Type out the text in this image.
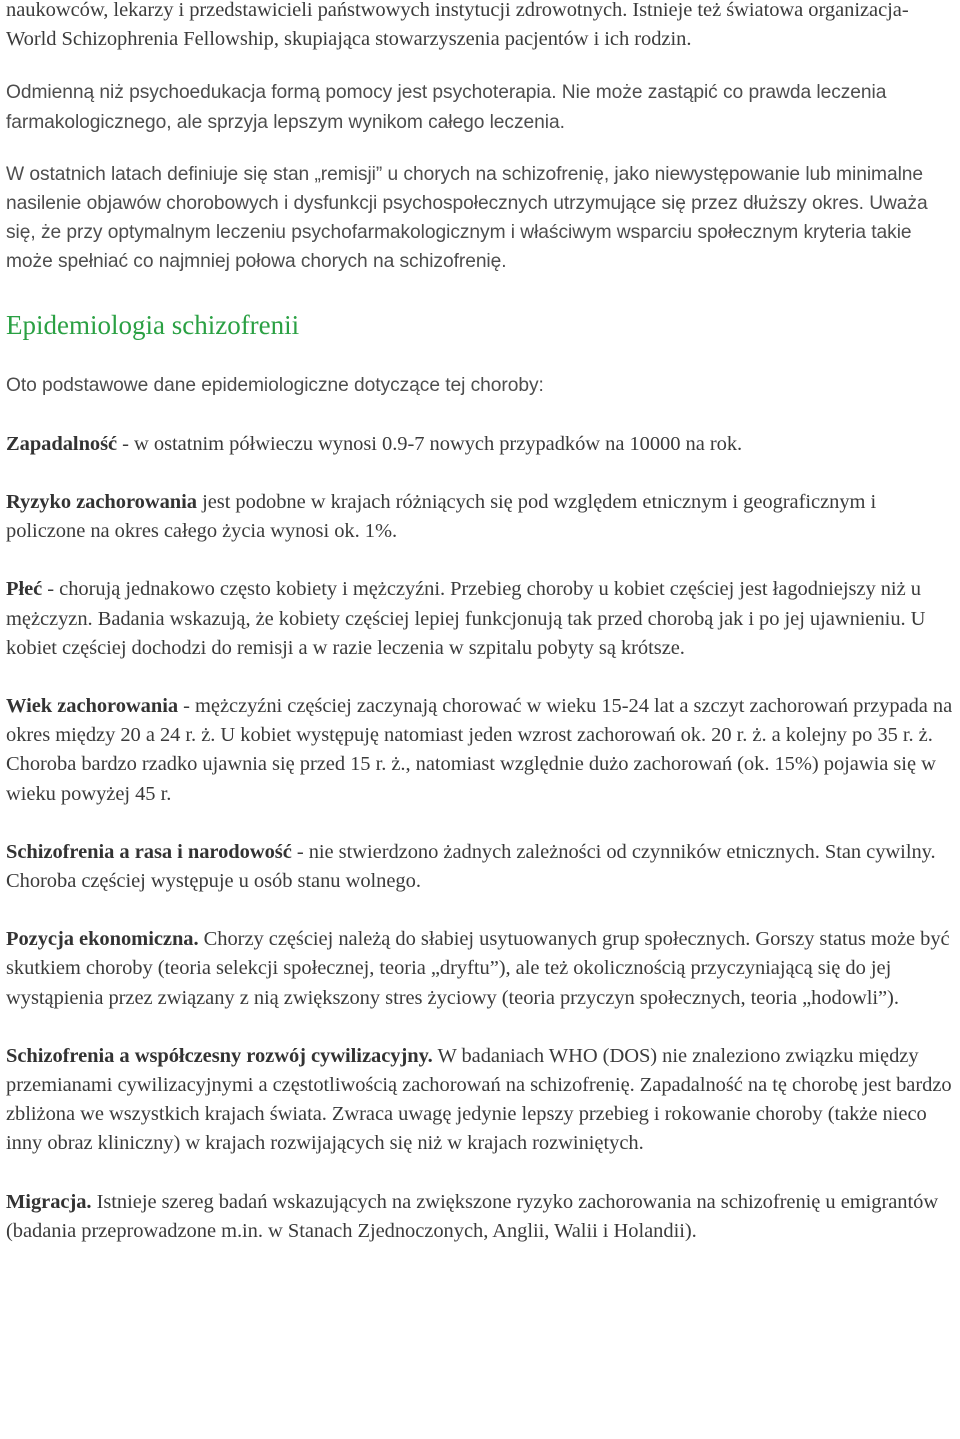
naukowców, lekarzy i przedstawicieli państwowych instytucji zdrowotnych. Istnieje też światowa organizacja- World Schizophrenia Fellowship, skupiająca stowarzyszenia pacjentów i ich rodzin.

Odmienną niż psychoedukacja formą pomocy jest psychoterapia. Nie może zastąpić co prawda leczenia farmakologicznego, ale sprzyja lepszym wynikom całego leczenia.

W ostatnich latach definiuje się stan „remisji” u chorych na schizofrenię, jako niewystępowanie lub minimalne nasilenie objawów chorobowych i dysfunkcji psychospołecznych utrzymujące się przez dłuższy okres. Uważa się, że przy optymalnym leczeniu psychofarmakologicznym i właściwym wsparciu społecznym kryteria takie może spełniać co najmniej połowa chorych na schizofrenię.

Epidemiologia schizofrenii

Oto podstawowe dane epidemiologiczne dotyczące tej choroby:

Zapadalność - w ostatnim półwieczu wynosi 0.9-7 nowych przypadków na 10000 na rok.

Ryzyko zachorowania jest podobne w krajach różniących się pod względem etnicznym i geograficznym i policzone na okres całego życia wynosi ok. 1%.

Płeć - chorują jednakowo często kobiety i mężczyźni. Przebieg choroby u kobiet częściej jest łagodniejszy niż u mężczyzn. Badania wskazują, że kobiety częściej lepiej funkcjonują tak przed chorobą jak i po jej ujawnieniu. U kobiet częściej dochodzi do remisji a w razie leczenia w szpitalu pobyty są krótsze.

Wiek zachorowania - mężczyźni częściej zaczynają chorować w wieku 15-24 lat a szczyt zachorowań przypada na okres między 20 a 24 r. ż. U kobiet występuję natomiast jeden wzrost zachorowań ok. 20 r. ż. a kolejny po 35 r. ż. Choroba bardzo rzadko ujawnia się przed 15 r. ż., natomiast względnie dużo zachorowań (ok. 15%) pojawia się w wieku powyżej 45 r.

Schizofrenia a rasa i narodowość - nie stwierdzono żadnych zależności od czynników etnicznych. Stan cywilny. Choroba częściej występuje u osób stanu wolnego.

Pozycja ekonomiczna. Chorzy częściej należą do słabiej usytuowanych grup społecznych. Gorszy status może być skutkiem choroby (teoria selekcji społecznej, teoria „dryftu”), ale też okolicznością przyczyniającą się do jej wystąpienia przez związany z nią zwiększony stres życiowy (teoria przyczyn społecznych, teoria „hodowli”).

Schizofrenia a współczesny rozwój cywilizacyjny. W badaniach WHO (DOS) nie znaleziono związku między przemianami cywilizacyjnymi a częstotliwością zachorowań na schizofrenię. Zapadalność na tę chorobę jest bardzo zbliżona we wszystkich krajach świata. Zwraca uwagę jedynie lepszy przebieg i rokowanie choroby (także nieco inny obraz kliniczny) w krajach rozwijających się niż w krajach rozwiniętych.

Migracja. Istnieje szereg badań wskazujących na zwiększone ryzyko zachorowania na schizofrenię u emigrantów (badania przeprowadzone m.in. w Stanach Zjednoczonych, Anglii, Walii i Holandii).
